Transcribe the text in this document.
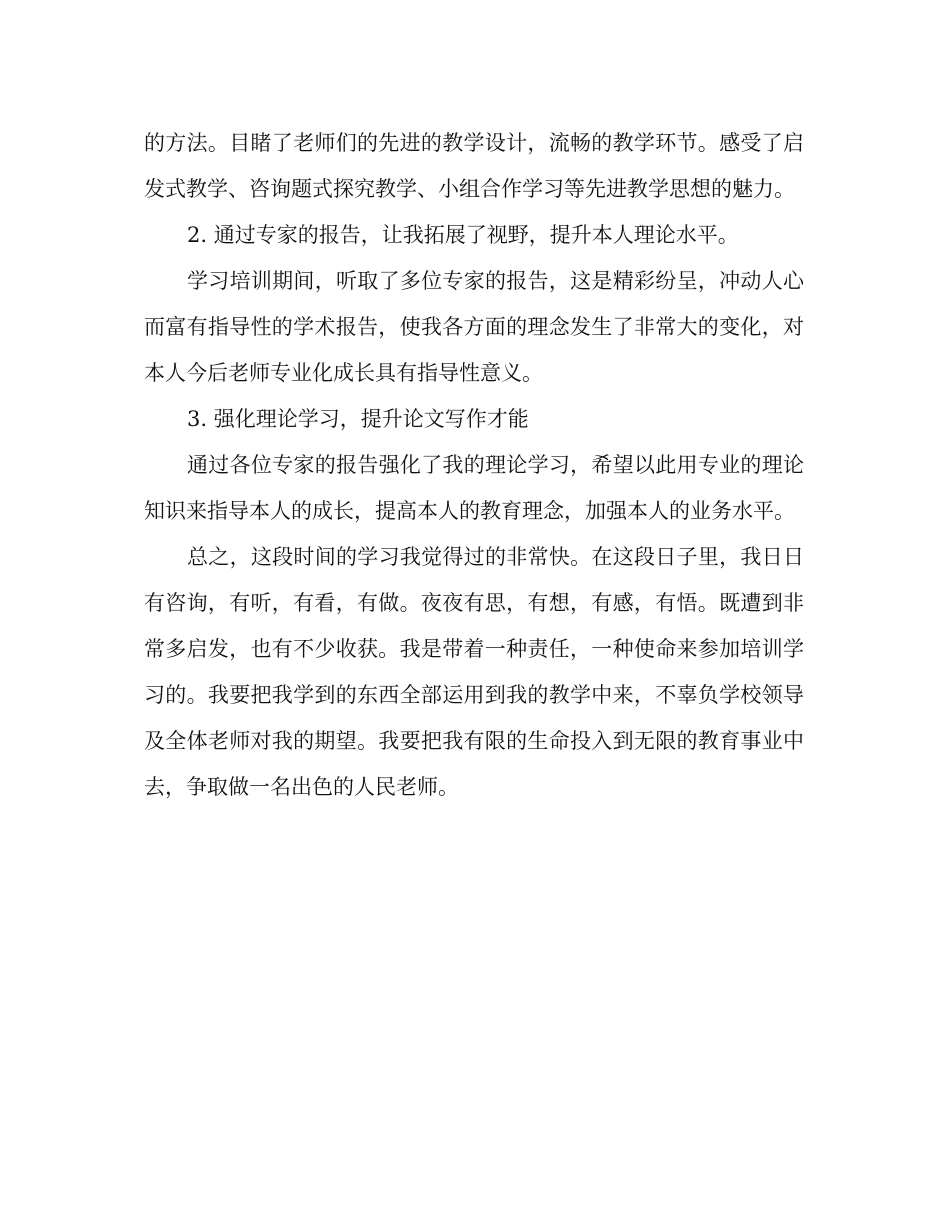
的方法。目睹了老师们的先进的教学设计，流畅的教学环节。感受了启发式教学、咨询题式探究教学、小组合作学习等先进教学思想的魅力。

2. 通过专家的报告，让我拓展了视野，提升本人理论水平。

学习培训期间，听取了多位专家的报告，这是精彩纷呈，冲动人心而富有指导性的学术报告，使我各方面的理念发生了非常大的变化，对本人今后老师专业化成长具有指导性意义。

3. 强化理论学习，提升论文写作才能

通过各位专家的报告强化了我的理论学习，希望以此用专业的理论知识来指导本人的成长，提高本人的教育理念，加强本人的业务水平。

总之，这段时间的学习我觉得过的非常快。在这段日子里，我日日有咨询，有听，有看，有做。夜夜有思，有想，有感，有悟。既遭到非常多启发，也有不少收获。我是带着一种责任，一种使命来参加培训学习的。我要把我学到的东西全部运用到我的教学中来，不辜负学校领导及全体老师对我的期望。我要把我有限的生命投入到无限的教育事业中去，争取做一名出色的人民老师。
